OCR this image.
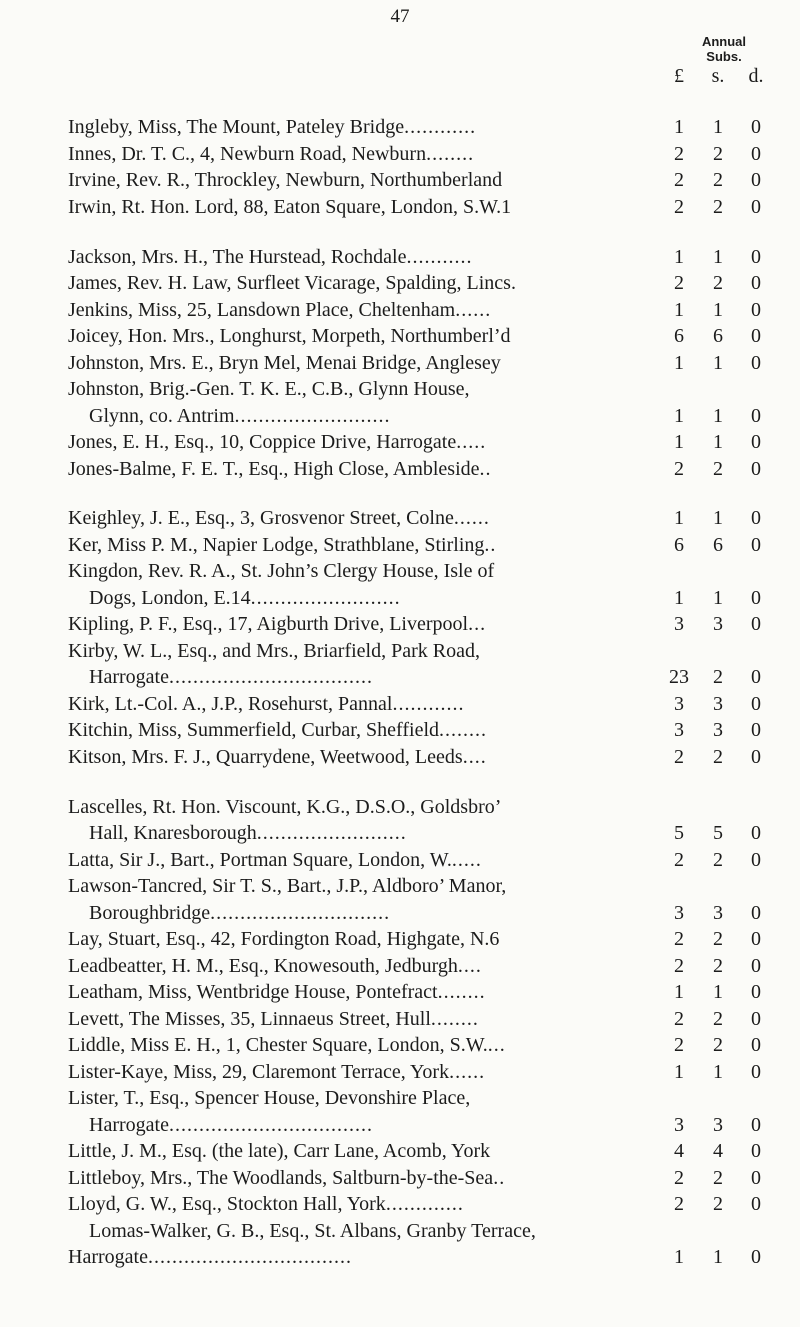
47
Annual
Subs.
£	s.	d.
Ingleby, Miss, The Mount, Pateley Bridge............	1	1	0
Innes, Dr. T. C., 4, Newburn Road, Newburn........	2	2	0
Irvine, Rev. R., Throckley, Newburn, Northumberland	2	2	0
Irwin, Rt. Hon. Lord, 88, Eaton Square, London, S.W.1	2	2	0
Jackson, Mrs. H., The Hurstead, Rochdale...........	1	1	0
James, Rev. H. Law, Surfleet Vicarage, Spalding, Lincs.	2	2	0
Jenkins, Miss, 25, Lansdown Place, Cheltenham......	1	1	0
Joicey, Hon. Mrs., Longhurst, Morpeth, Northumberl’d	6	6	0
Johnston, Mrs. E., Bryn Mel, Menai Bridge, Anglesey	1	1	0
Johnston, Brig.-Gen. T. K. E., C.B., Glynn House,
Glynn, co. Antrim..........................	1	1	0
Jones, E. H., Esq., 10, Coppice Drive, Harrogate.....	1	1	0
Jones-Balme, F. E. T., Esq., High Close, Ambleside..	2	2	0
Keighley, J. E., Esq., 3, Grosvenor Street, Colne......	1	1	0
Ker, Miss P. M., Napier Lodge, Strathblane, Stirling..	6	6	0
Kingdon, Rev. R. A., St. John’s Clergy House, Isle of
Dogs, London, E.14.........................	1	1	0
Kipling, P. F., Esq., 17, Aigburth Drive, Liverpool...	3	3	0
Kirby, W. L., Esq., and Mrs., Briarfield, Park Road,
Harrogate..................................	23	2	0
Kirk, Lt.-Col. A., J.P., Rosehurst, Pannal............	3	3	0
Kitchin, Miss, Summerfield, Curbar, Sheffield........	3	3	0
Kitson, Mrs. F. J., Quarrydene, Weetwood, Leeds....	2	2	0
Lascelles, Rt. Hon. Viscount, K.G., D.S.O., Goldsbro’
Hall, Knaresborough.........................	5	5	0
Latta, Sir J., Bart., Portman Square, London, W......	2	2	0
Lawson-Tancred, Sir T. S., Bart., J.P., Aldboro’ Manor,
Boroughbridge..............................	3	3	0
Lay, Stuart, Esq., 42, Fordington Road, Highgate, N.6	2	2	0
Leadbeatter, H. M., Esq., Knowesouth, Jedburgh....	2	2	0
Leatham, Miss, Wentbridge House, Pontefract........	1	1	0
Levett, The Misses, 35, Linnaeus Street, Hull........	2	2	0
Liddle, Miss E. H., 1, Chester Square, London, S.W....	2	2	0
Lister-Kaye, Miss, 29, Claremont Terrace, York......	1	1	0
Lister, T., Esq., Spencer House, Devonshire Place,
Harrogate..................................	3	3	0
Little, J. M., Esq. (the late), Carr Lane, Acomb, York	4	4	0
Littleboy, Mrs., The Woodlands, Saltburn-by-the-Sea..	2	2	0
Lloyd, G. W., Esq., Stockton Hall, York.............	2	2	0
Lomas-Walker, G. B., Esq., St. Albans, Granby Terrace,
Harrogate..................................	1	1	0
